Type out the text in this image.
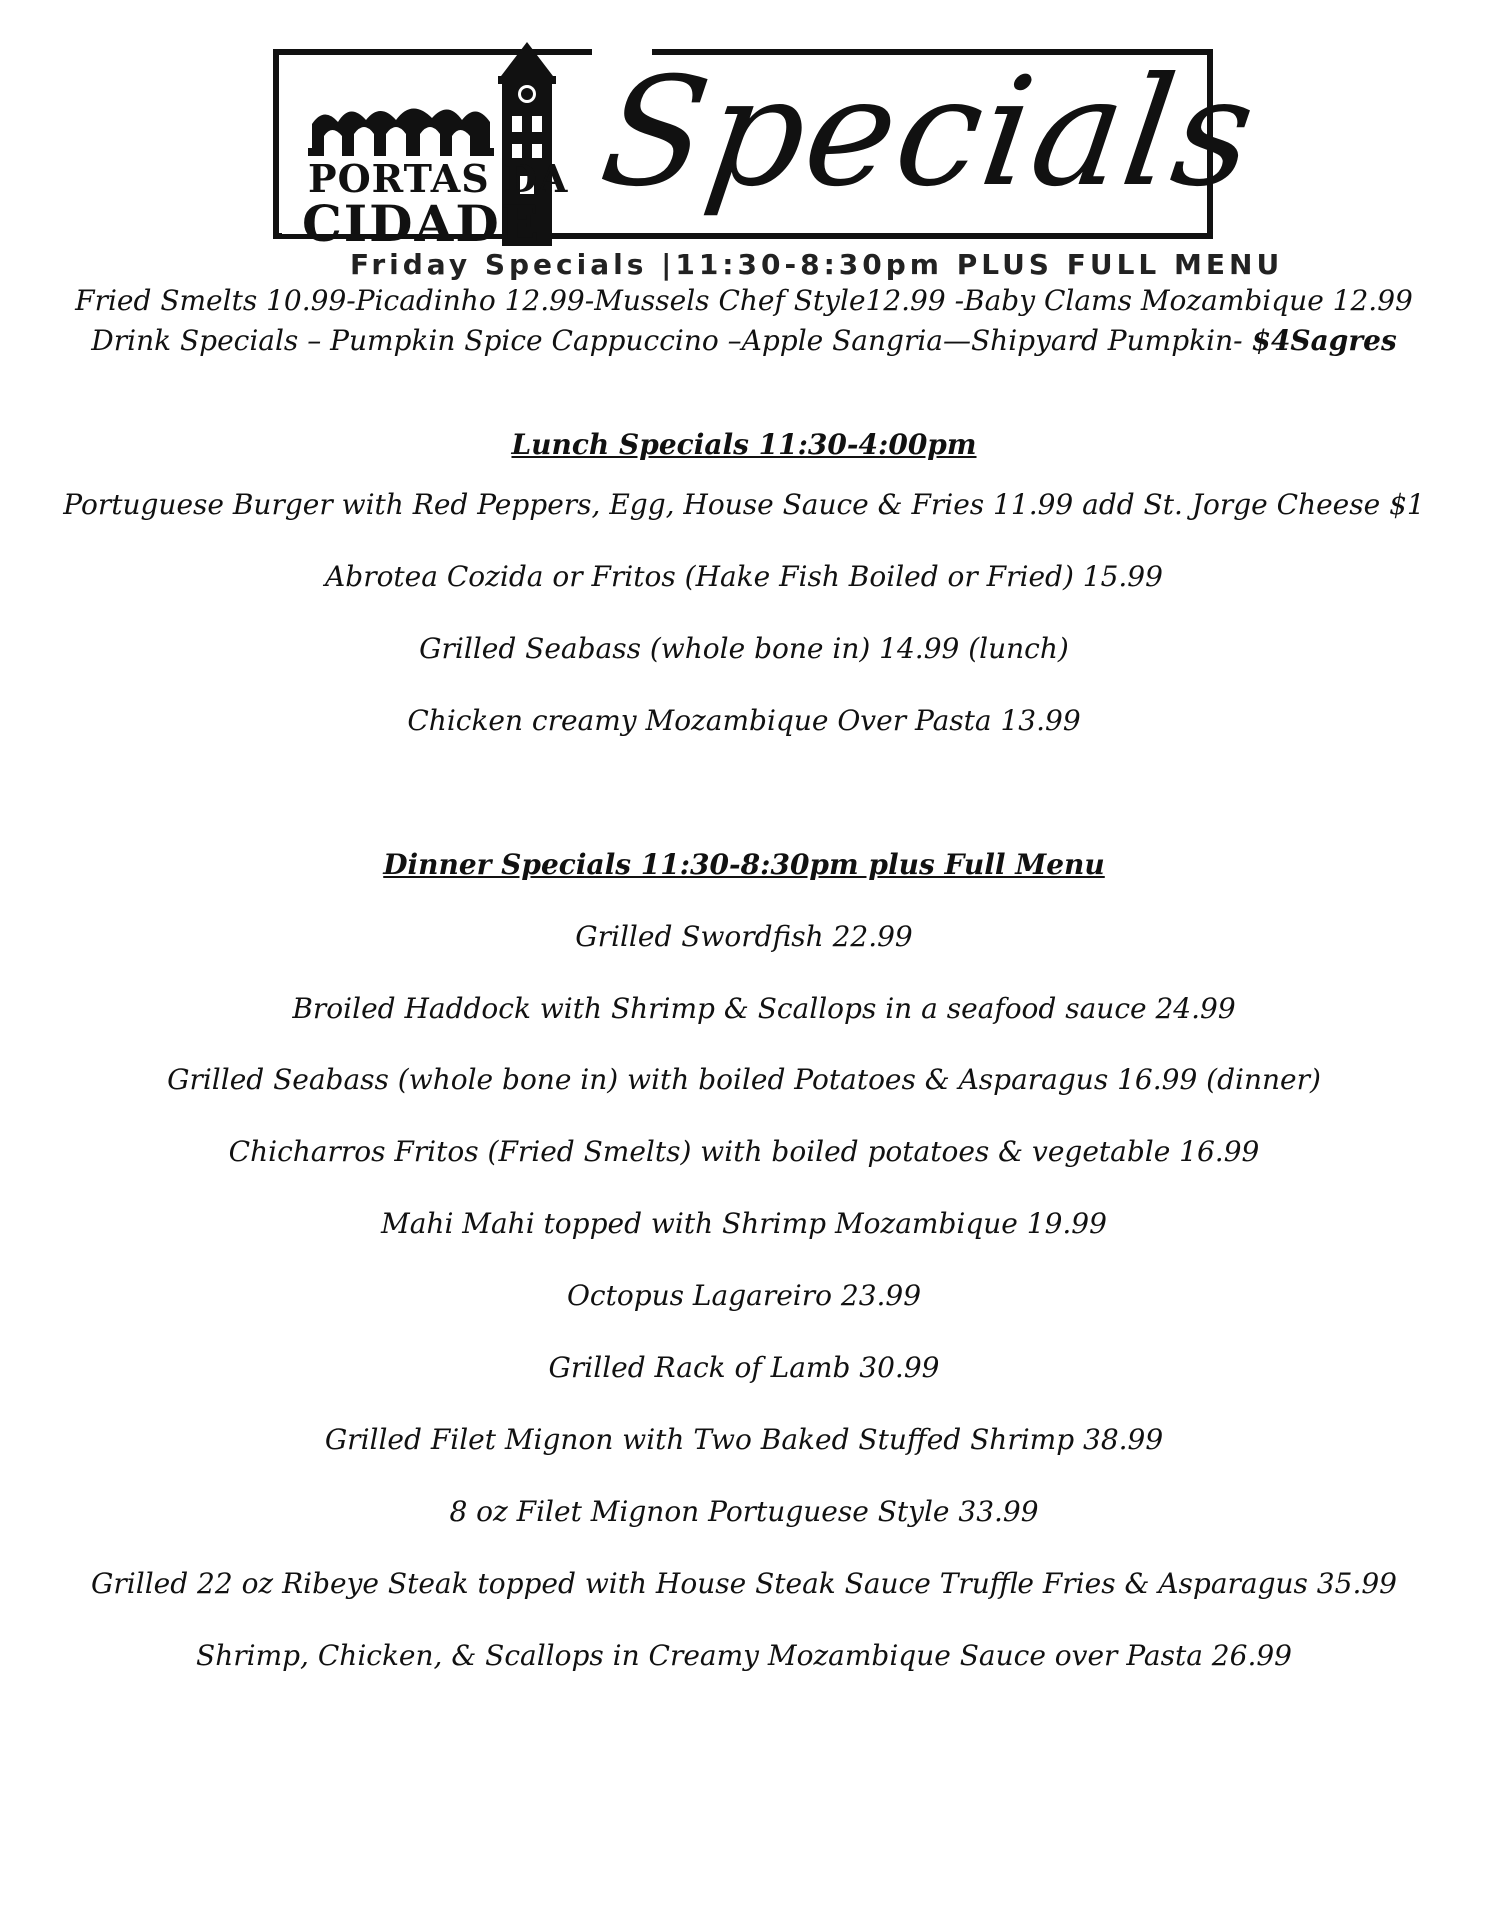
PORTAS DA
CIDADE
Specials
Friday Specials |11:30-8:30pm PLUS FULL MENU
Fried Smelts 10.99-Picadinho 12.99-Mussels Chef Style12.99 -Baby Clams Mozambique 12.99
Drink Specials – Pumpkin Spice Cappuccino –Apple Sangria—Shipyard Pumpkin- $4Sagres
Lunch Specials 11:30-4:00pm
Portuguese Burger with Red Peppers, Egg, House Sauce & Fries 11.99 add St. Jorge Cheese $1
Abrotea Cozida or Fritos (Hake Fish Boiled or Fried) 15.99
Grilled Seabass (whole bone in) 14.99 (lunch)
Chicken creamy Mozambique Over Pasta 13.99
Dinner Specials 11:30-8:30pm plus Full Menu
Grilled Swordfish 22.99
Broiled Haddock with Shrimp & Scallops in a seafood sauce 24.99
Grilled Seabass (whole bone in) with boiled Potatoes & Asparagus 16.99 (dinner)
Chicharros Fritos (Fried Smelts) with boiled potatoes & vegetable 16.99
Mahi Mahi topped with Shrimp Mozambique 19.99
Octopus Lagareiro 23.99
Grilled Rack of Lamb 30.99
Grilled Filet Mignon with Two Baked Stuffed Shrimp 38.99
8 oz Filet Mignon Portuguese Style 33.99
Grilled 22 oz Ribeye Steak topped with House Steak Sauce Truffle Fries & Asparagus 35.99
Shrimp, Chicken, & Scallops in Creamy Mozambique Sauce over Pasta 26.99
